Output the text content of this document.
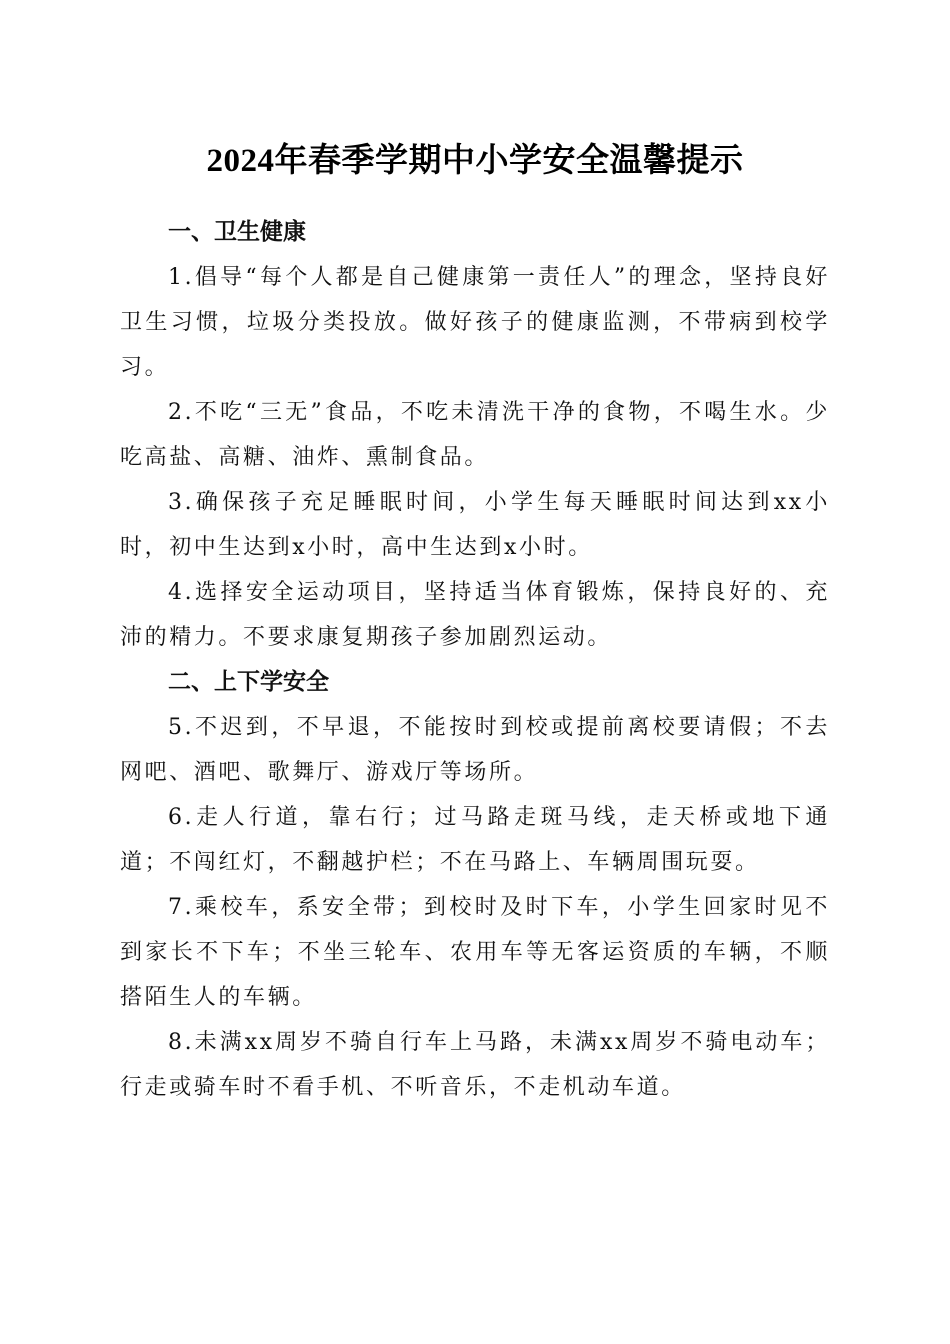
2024年春季学期中小学安全温馨提示
一、卫生健康

1.倡导“每个人都是自己健康第一责任人”的理念，坚持良好卫生习惯，垃圾分类投放。做好孩子的健康监测，不带病到校学习。

2.不吃“三无”食品，不吃未清洗干净的食物，不喝生水。少吃高盐、高糖、油炸、熏制食品。

3.确保孩子充足睡眠时间，小学生每天睡眠时间达到xx小时，初中生达到x小时，高中生达到x小时。

4.选择安全运动项目，坚持适当体育锻炼，保持良好的、充沛的精力。不要求康复期孩子参加剧烈运动。

二、上下学安全

5.不迟到，不早退，不能按时到校或提前离校要请假；不去网吧、酒吧、歌舞厅、游戏厅等场所。

6.走人行道，靠右行；过马路走斑马线，走天桥或地下通道；不闯红灯，不翻越护栏；不在马路上、车辆周围玩耍。

7.乘校车，系安全带；到校时及时下车，小学生回家时见不到家长不下车；不坐三轮车、农用车等无客运资质的车辆，不顺搭陌生人的车辆。

8.未满xx周岁不骑自行车上马路，未满xx周岁不骑电动车；行走或骑车时不看手机、不听音乐，不走机动车道。
